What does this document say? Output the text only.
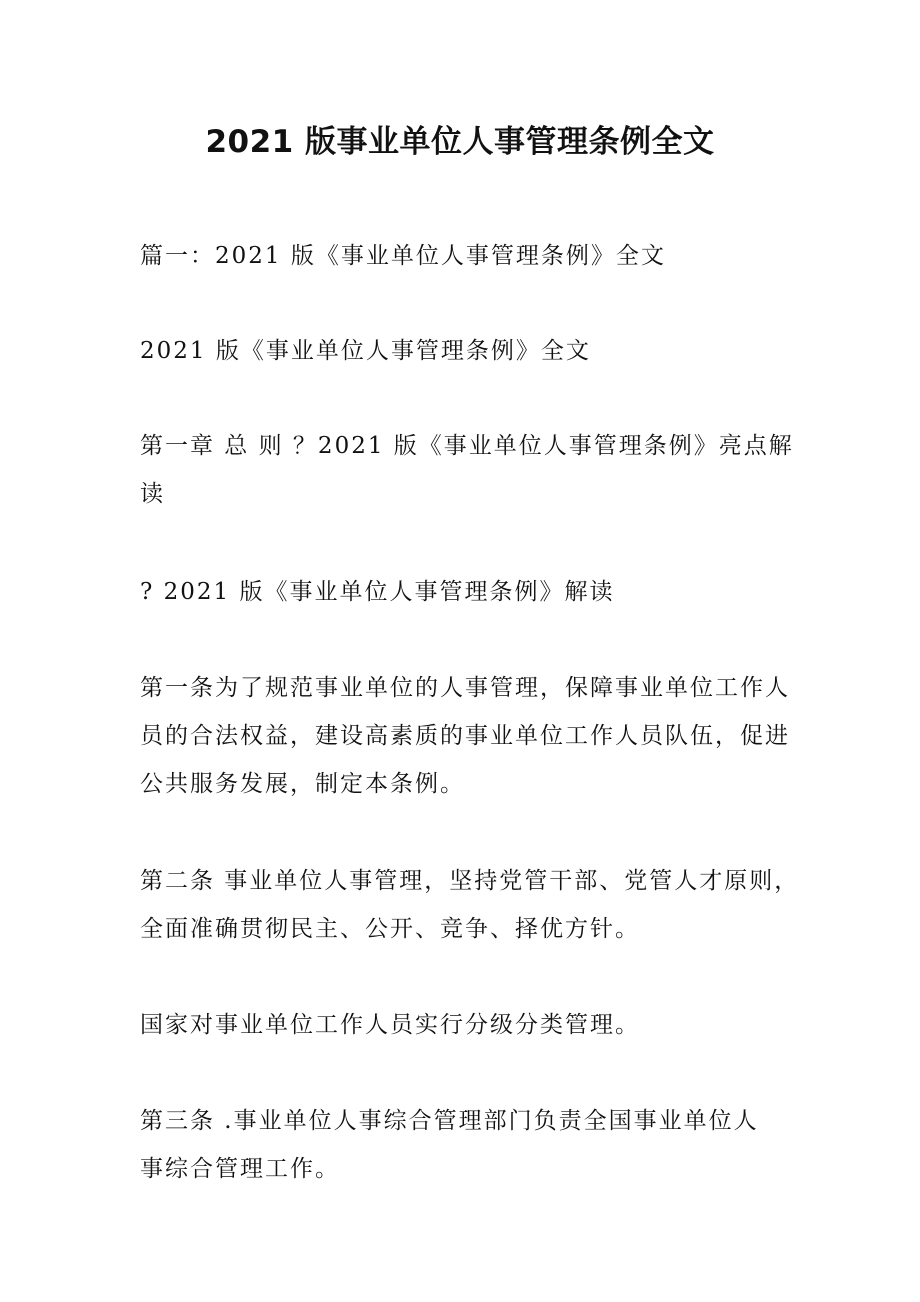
2021 版事业单位人事管理条例全文

篇一：2021 版《事业单位人事管理条例》全文

2021 版《事业单位人事管理条例》全文

第一章 总 则 ？2021 版《事业单位人事管理条例》亮点解
读

? 2021 版《事业单位人事管理条例》解读

第一条为了规范事业单位的人事管理，保障事业单位工作人
员的合法权益，建设高素质的事业单位工作人员队伍，促进
公共服务发展，制定本条例。

第二条 事业单位人事管理，坚持党管干部、党管人才原则，
全面准确贯彻民主、公开、竞争、择优方针。

国家对事业单位工作人员实行分级分类管理。

第三条 .事业单位人事综合管理部门负责全国事业单位人
事综合管理工作。
